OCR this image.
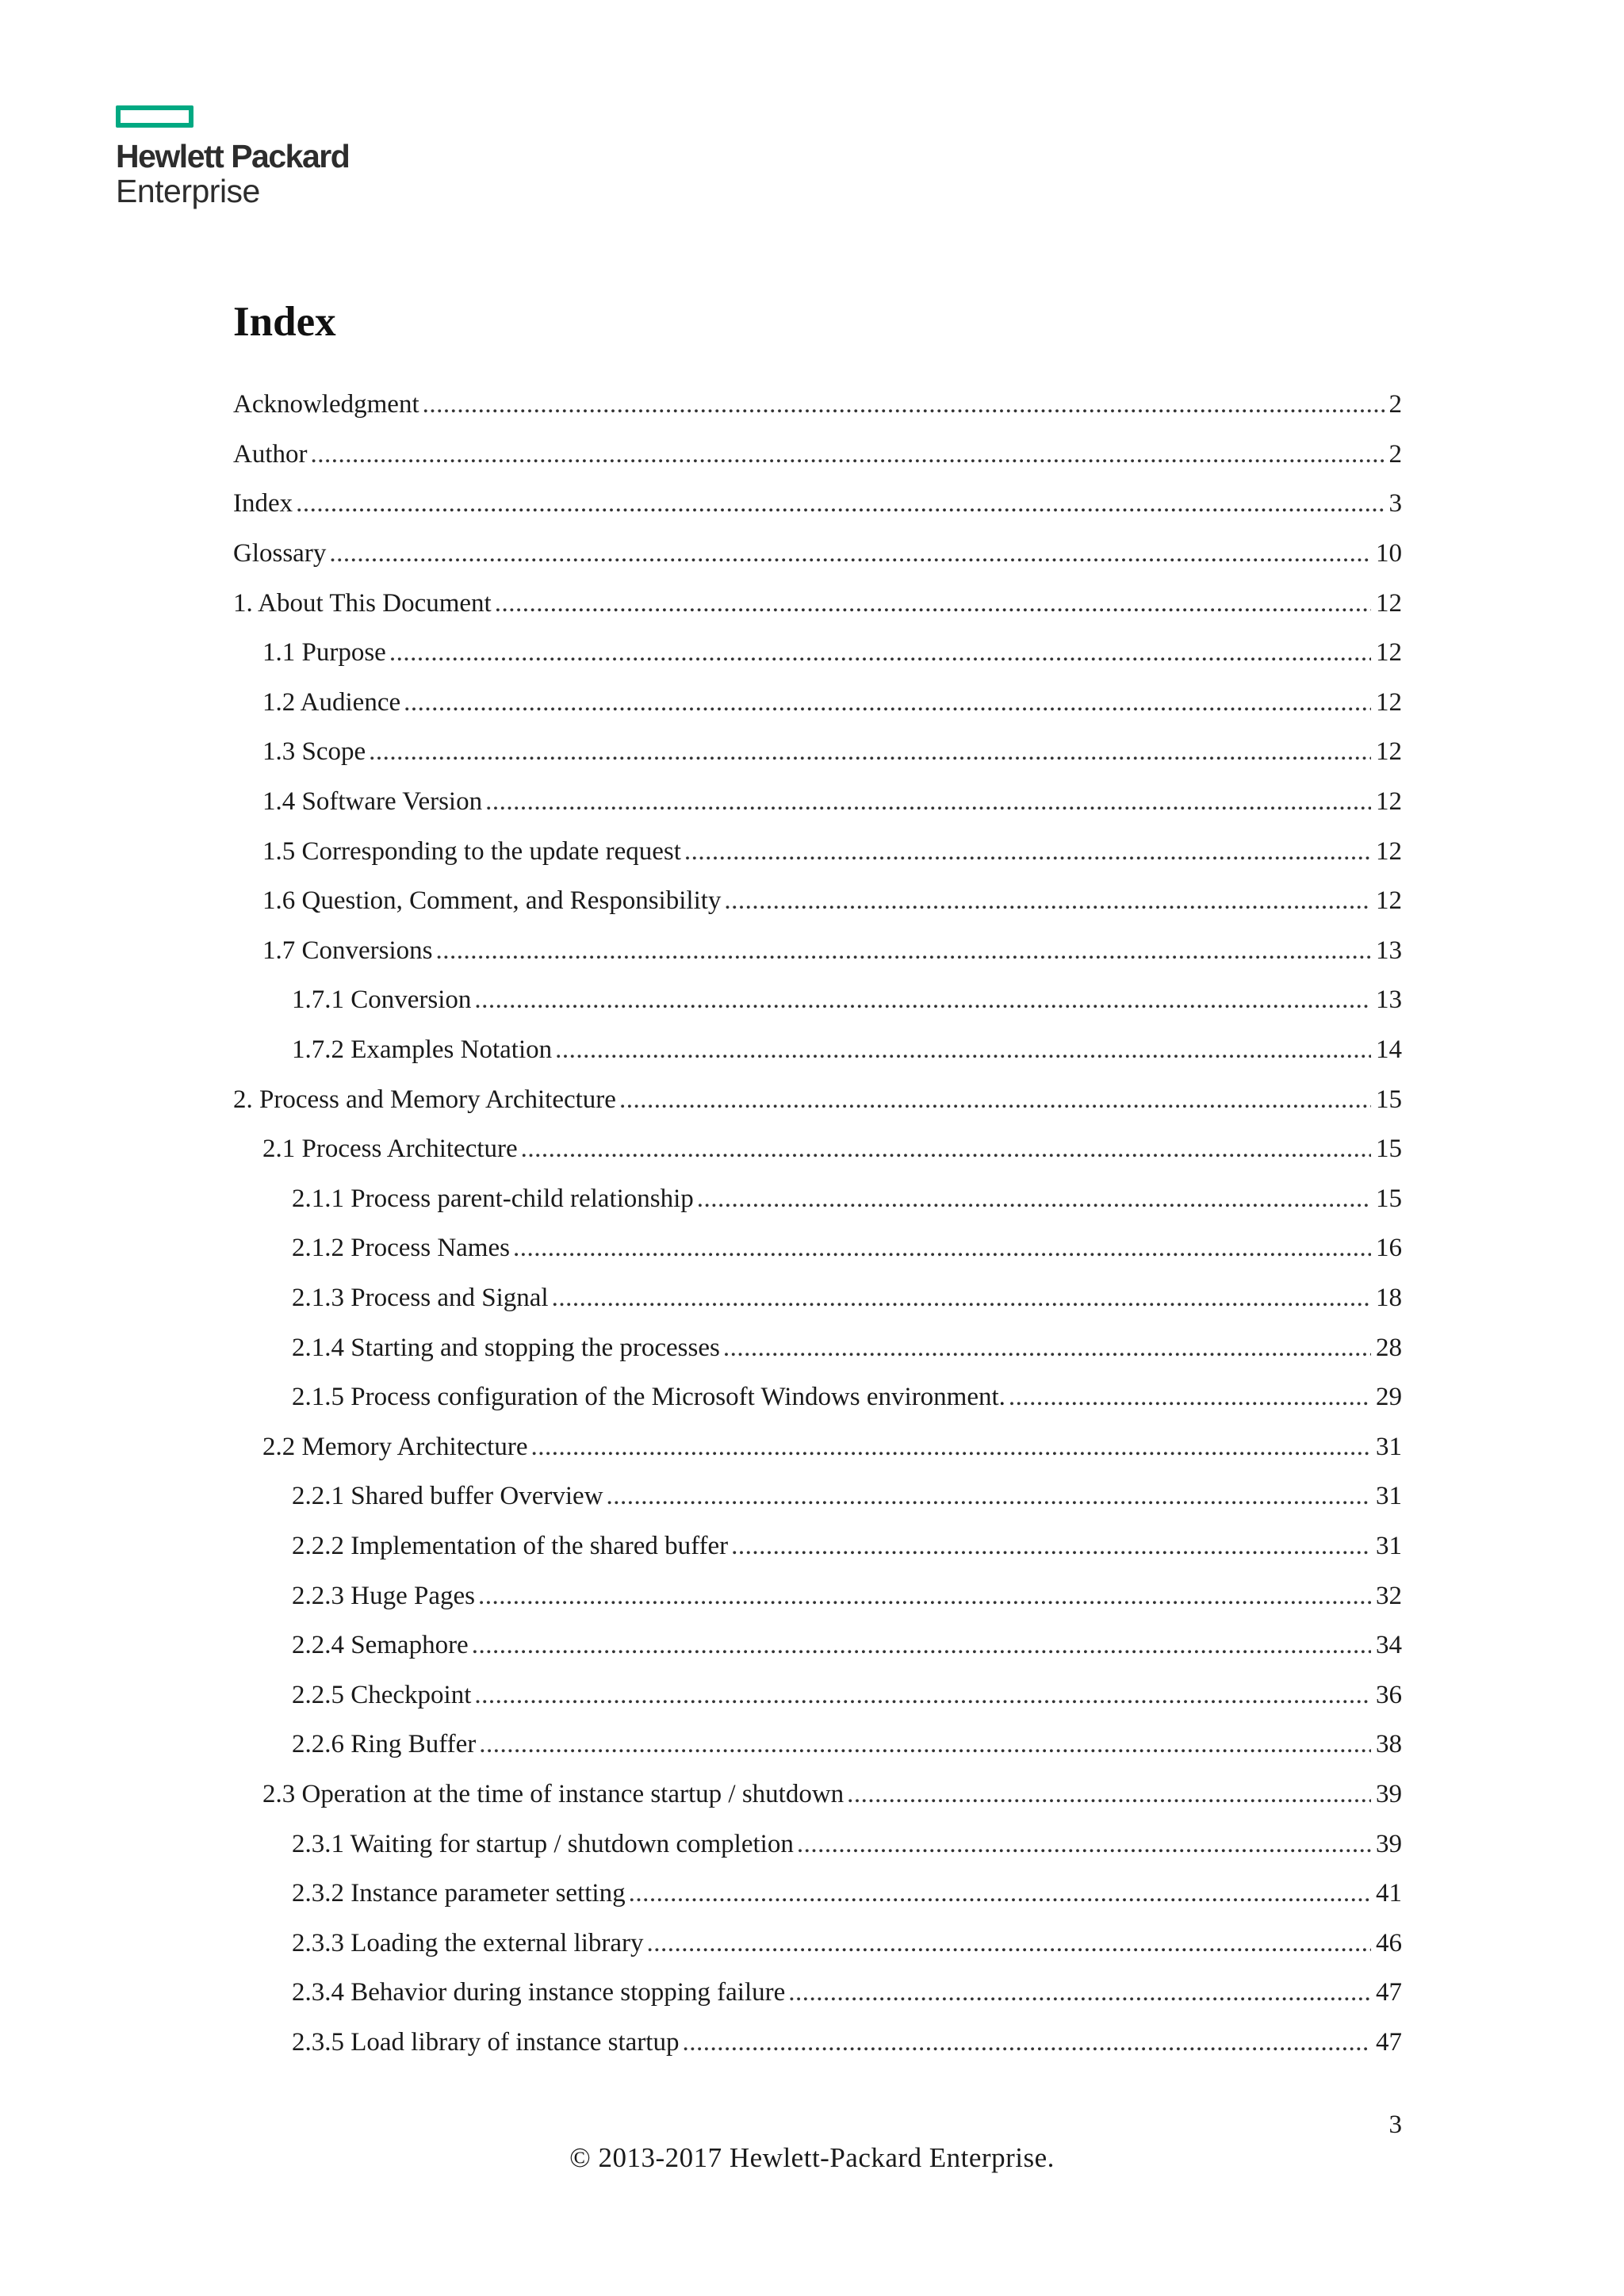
Hewlett Packard
Enterprise
Index
Acknowledgment .....	2
Author .....	2
Index .....	3
Glossary .....	10
1. About This Document .....	12
1.1 Purpose .....	12
1.2 Audience .....	12
1.3 Scope .....	12
1.4 Software Version .....	12
1.5 Corresponding to the update request .....	12
1.6 Question, Comment, and Responsibility .....	12
1.7 Conversions .....	13
1.7.1 Conversion .....	13
1.7.2 Examples Notation .....	14
2. Process and Memory Architecture .....	15
2.1 Process Architecture .....	15
2.1.1 Process parent-child relationship .....	15
2.1.2 Process Names .....	16
2.1.3 Process and Signal .....	18
2.1.4 Starting and stopping the processes .....	28
2.1.5 Process configuration of the Microsoft Windows environment. .....	29
2.2 Memory Architecture .....	31
2.2.1 Shared buffer Overview .....	31
2.2.2 Implementation of the shared buffer .....	31
2.2.3 Huge Pages .....	32
2.2.4 Semaphore .....	34
2.2.5 Checkpoint .....	36
2.2.6 Ring Buffer .....	38
2.3 Operation at the time of instance startup / shutdown .....	39
2.3.1 Waiting for startup / shutdown completion .....	39
2.3.2 Instance parameter setting .....	41
2.3.3 Loading the external library .....	46
2.3.4 Behavior during instance stopping failure .....	47
2.3.5 Load library of instance startup .....	47
3
© 2013-2017 Hewlett-Packard Enterprise.
